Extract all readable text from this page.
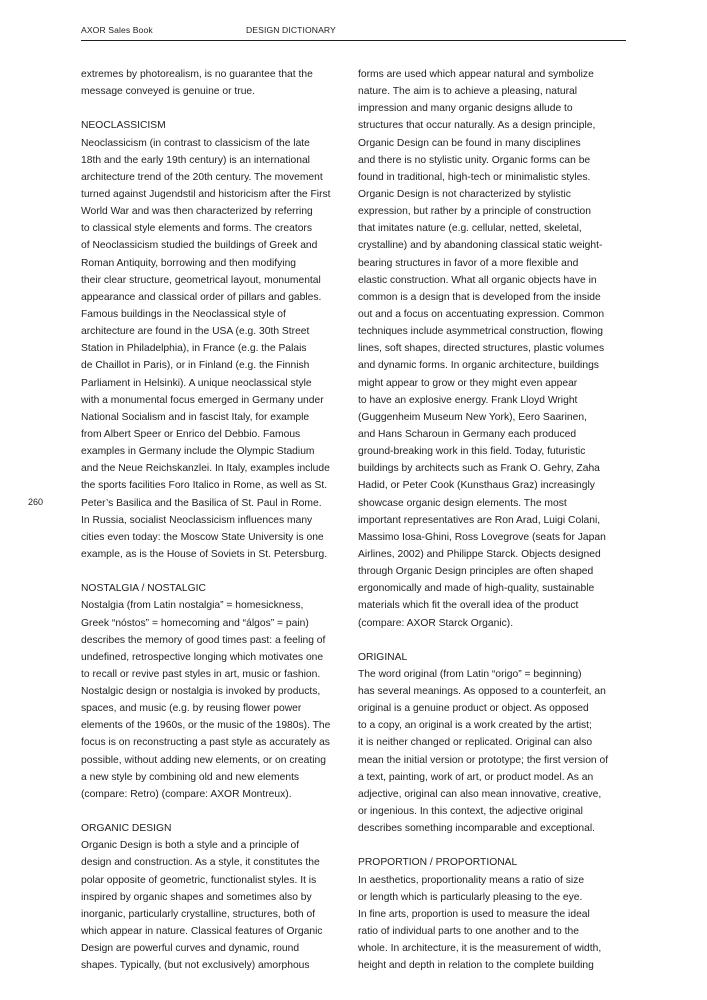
AXOR Sales Book	DESIGN DICTIONARY
260
extremes by photorealism, is no guarantee that the
message conveyed is genuine or true.
NEOCLASSICISM
Neoclassicism (in contrast to classicism of the late
18th and the early 19th century) is an international
architecture trend of the 20th century. The movement
turned against Jugendstil and historicism after the First
World War and was then characterized by referring
to classical style elements and forms. The creators
of Neoclassicism studied the buildings of Greek and
Roman Antiquity, borrowing and then modifying
their clear structure, geometrical layout, monumental
appearance and classical order of pillars and gables.
Famous buildings in the Neoclassical style of
architecture are found in the USA (e.g. 30th Street
Station in Philadelphia), in France (e.g. the Palais
de Chaillot in Paris), or in Finland (e.g. the Finnish
Parliament in Helsinki). A unique neoclassical style
with a monumental focus emerged in Germany under
National Socialism and in fascist Italy, for example
from Albert Speer or Enrico del Debbio. Famous
examples in Germany include the Olympic Stadium
and the Neue Reichskanzlei. In Italy, examples include
the sports facilities Foro Italico in Rome, as well as St.
Peter’s Basilica and the Basilica of St. Paul in Rome.
In Russia, socialist Neoclassicism influences many
cities even today: the Moscow State University is one
example, as is the House of Soviets in St. Petersburg.
NOSTALGIA / NOSTALGIC
Nostalgia (from Latin nostalgia” = homesickness,
Greek “nóstos” = homecoming and “álgos” = pain)
describes the memory of good times past: a feeling of
undefined, retrospective longing which motivates one
to recall or revive past styles in art, music or fashion.
Nostalgic design or nostalgia is invoked by products,
spaces, and music (e.g. by reusing flower power
elements of the 1960s, or the music of the 1980s). The
focus is on reconstructing a past style as accurately as
possible, without adding new elements, or on creating
a new style by combining old and new elements
(compare: Retro) (compare: AXOR Montreux).
ORGANIC DESIGN
Organic Design is both a style and a principle of
design and construction. As a style, it constitutes the
polar opposite of geometric, functionalist styles. It is
inspired by organic shapes and sometimes also by
inorganic, particularly crystalline, structures, both of
which appear in nature. Classical features of Organic
Design are powerful curves and dynamic, round
shapes. Typically, (but not exclusively) amorphous
forms are used which appear natural and symbolize
nature. The aim is to achieve a pleasing, natural
impression and many organic designs allude to
structures that occur naturally. As a design principle,
Organic Design can be found in many disciplines
and there is no stylistic unity. Organic forms can be
found in traditional, high-tech or minimalistic styles.
Organic Design is not characterized by stylistic
expression, but rather by a principle of construction
that imitates nature (e.g. cellular, netted, skeletal,
crystalline) and by abandoning classical static weight-
bearing structures in favor of a more flexible and
elastic construction. What all organic objects have in
common is a design that is developed from the inside
out and a focus on accentuating expression. Common
techniques include asymmetrical construction, flowing
lines, soft shapes, directed structures, plastic volumes
and dynamic forms. In organic architecture, buildings
might appear to grow or they might even appear
to have an explosive energy. Frank Lloyd Wright
(Guggenheim Museum New York), Eero Saarinen,
and Hans Scharoun in Germany each produced
ground-breaking work in this field. Today, futuristic
buildings by architects such as Frank O. Gehry, Zaha
Hadid, or Peter Cook (Kunsthaus Graz) increasingly
showcase organic design elements. The most
important representatives are Ron Arad, Luigi Colani,
Massimo Iosa-Ghini, Ross Lovegrove (seats for Japan
Airlines, 2002) and Philippe Starck. Objects designed
through Organic Design principles are often shaped
ergonomically and made of high-quality, sustainable
materials which fit the overall idea of the product
(compare: AXOR Starck Organic).
ORIGINAL
The word original (from Latin “origo” = beginning)
has several meanings. As opposed to a counterfeit, an
original is a genuine product or object. As opposed
to a copy, an original is a work created by the artist;
it is neither changed or replicated. Original can also
mean the initial version or prototype; the first version of
a text, painting, work of art, or product model. As an
adjective, original can also mean innovative, creative,
or ingenious. In this context, the adjective original
describes something incomparable and exceptional.
PROPORTION / PROPORTIONAL
In aesthetics, proportionality means a ratio of size
or length which is particularly pleasing to the eye.
In fine arts, proportion is used to measure the ideal
ratio of individual parts to one another and to the
whole. In architecture, it is the measurement of width,
height and depth in relation to the complete building
